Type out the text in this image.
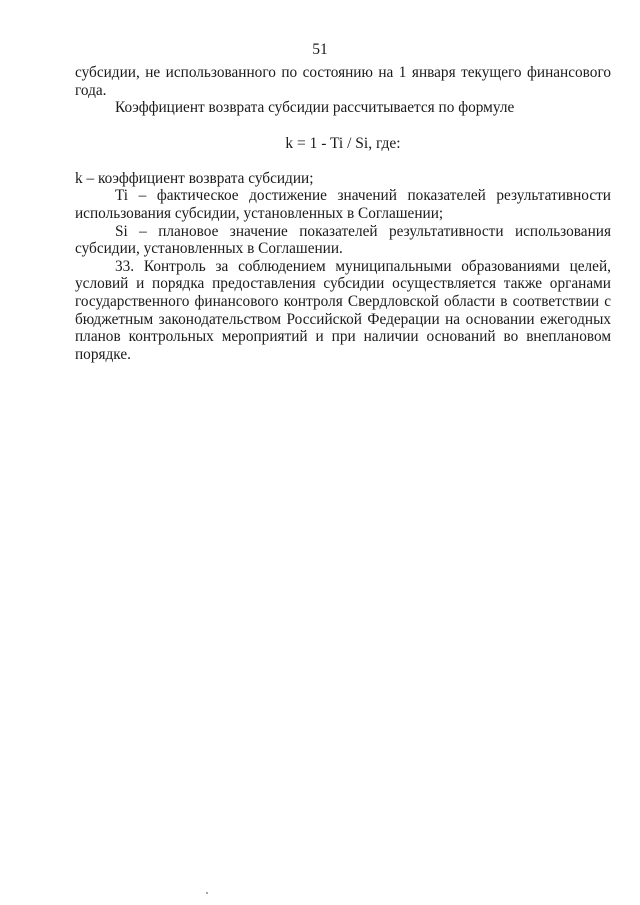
51

субсидии, не использованного по состоянию на 1 января текущего финансового года.

Коэффициент возврата субсидии рассчитывается по формуле

k = 1 - Ti / Si, где:

k – коэффициент возврата субсидии;

Ti – фактическое достижение значений показателей результативности использования субсидии, установленных в Соглашении;

Si – плановое значение показателей результативности использования субсидии, установленных в Соглашении.

33. Контроль за соблюдением муниципальными образованиями целей, условий и порядка предоставления субсидии осуществляется также органами государственного финансового контроля Свердловской области в соответствии с бюджетным законодательством Российской Федерации на основании ежегодных планов контрольных мероприятий и при наличии оснований во внеплановом порядке.
